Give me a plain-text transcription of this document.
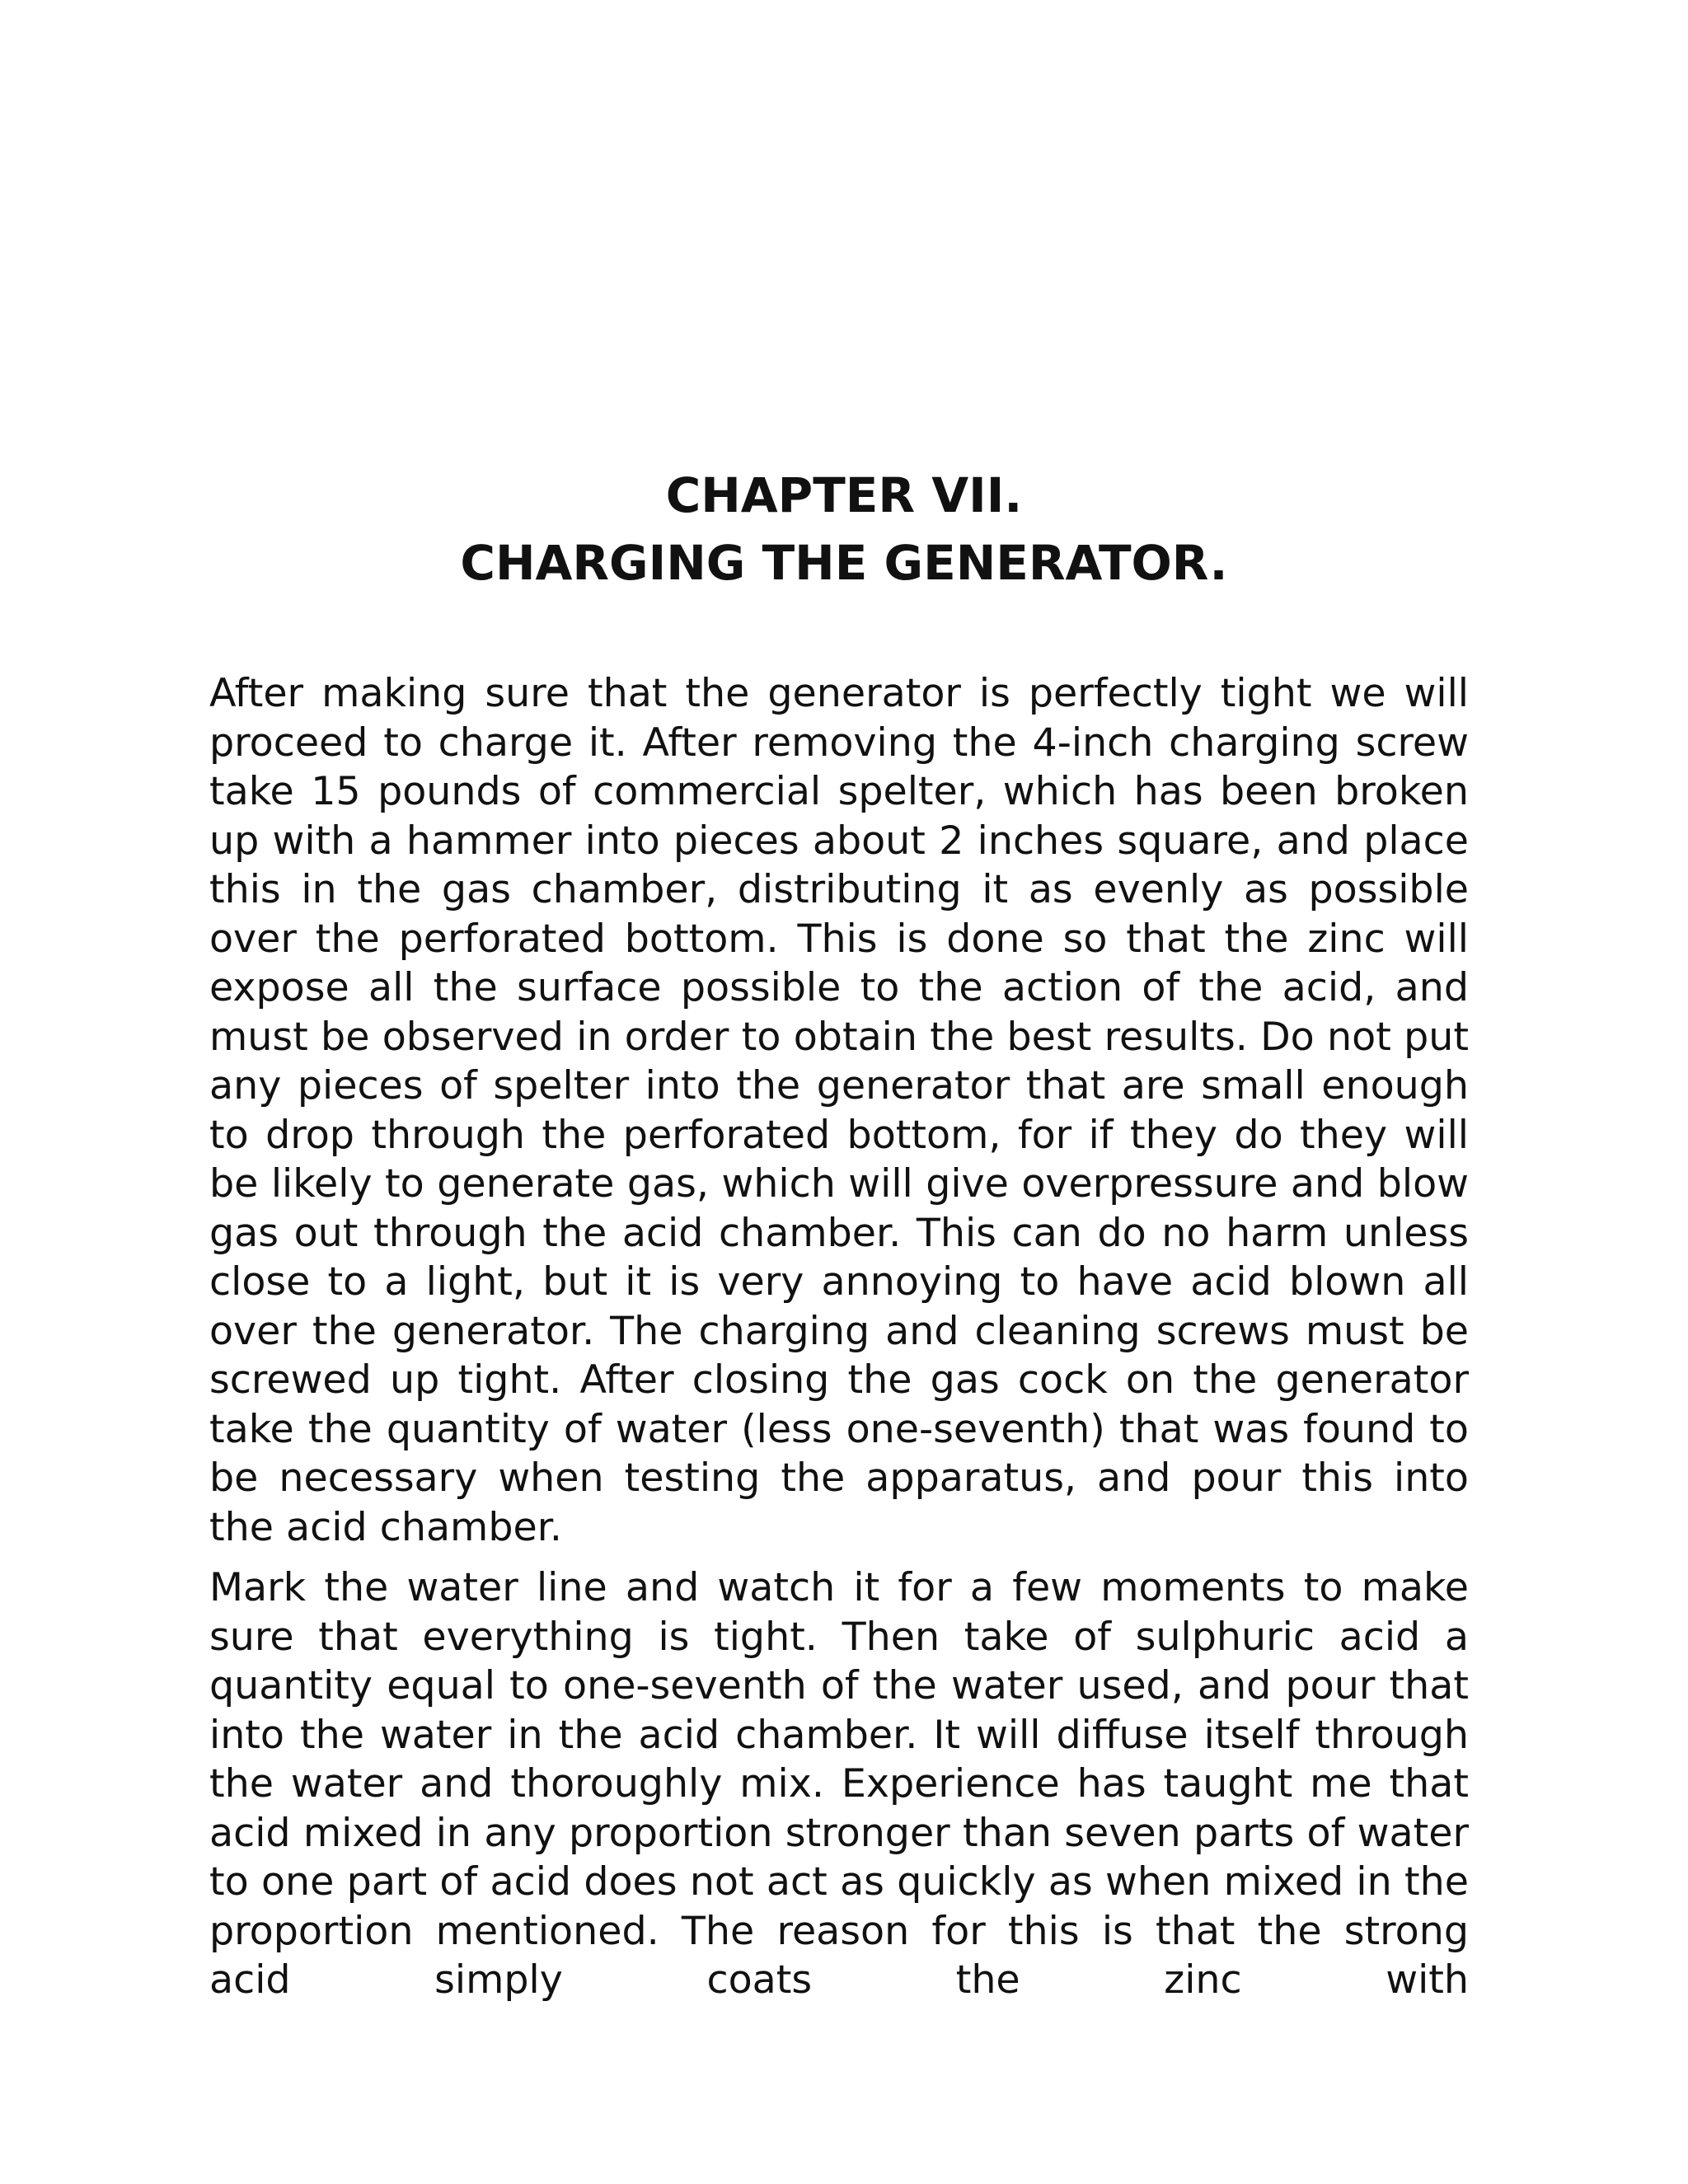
CHAPTER VII.
CHARGING THE GENERATOR.

After making sure that the generator is perfectly tight we will proceed to charge it. After removing the 4-inch charging screw take 15 pounds of commercial spelter, which has been broken up with a hammer into pieces about 2 inches square, and place this in the gas chamber, distributing it as evenly as possible over the perforated bottom. This is done so that the zinc will expose all the surface possible to the action of the acid, and must be observed in order to obtain the best results. Do not put any pieces of spelter into the generator that are small enough to drop through the perforated bottom, for if they do they will be likely to generate gas, which will give overpressure and blow gas out through the acid chamber. This can do no harm unless close to a light, but it is very annoying to have acid blown all over the generator. The charging and cleaning screws must be screwed up tight. After closing the gas cock on the generator take the quantity of water (less one-seventh) that was found to be necessary when testing the apparatus, and pour this into the acid chamber.

Mark the water line and watch it for a few moments to make sure that everything is tight. Then take of sulphuric acid a quantity equal to one-seventh of the water used, and pour that into the water in the acid chamber. It will diffuse itself through the water and thoroughly mix. Experience has taught me that acid mixed in any proportion stronger than seven parts of water to one part of acid does not act as quickly as when mixed in the proportion mentioned. The reason for this is that the strong acid simply coats the zinc with
